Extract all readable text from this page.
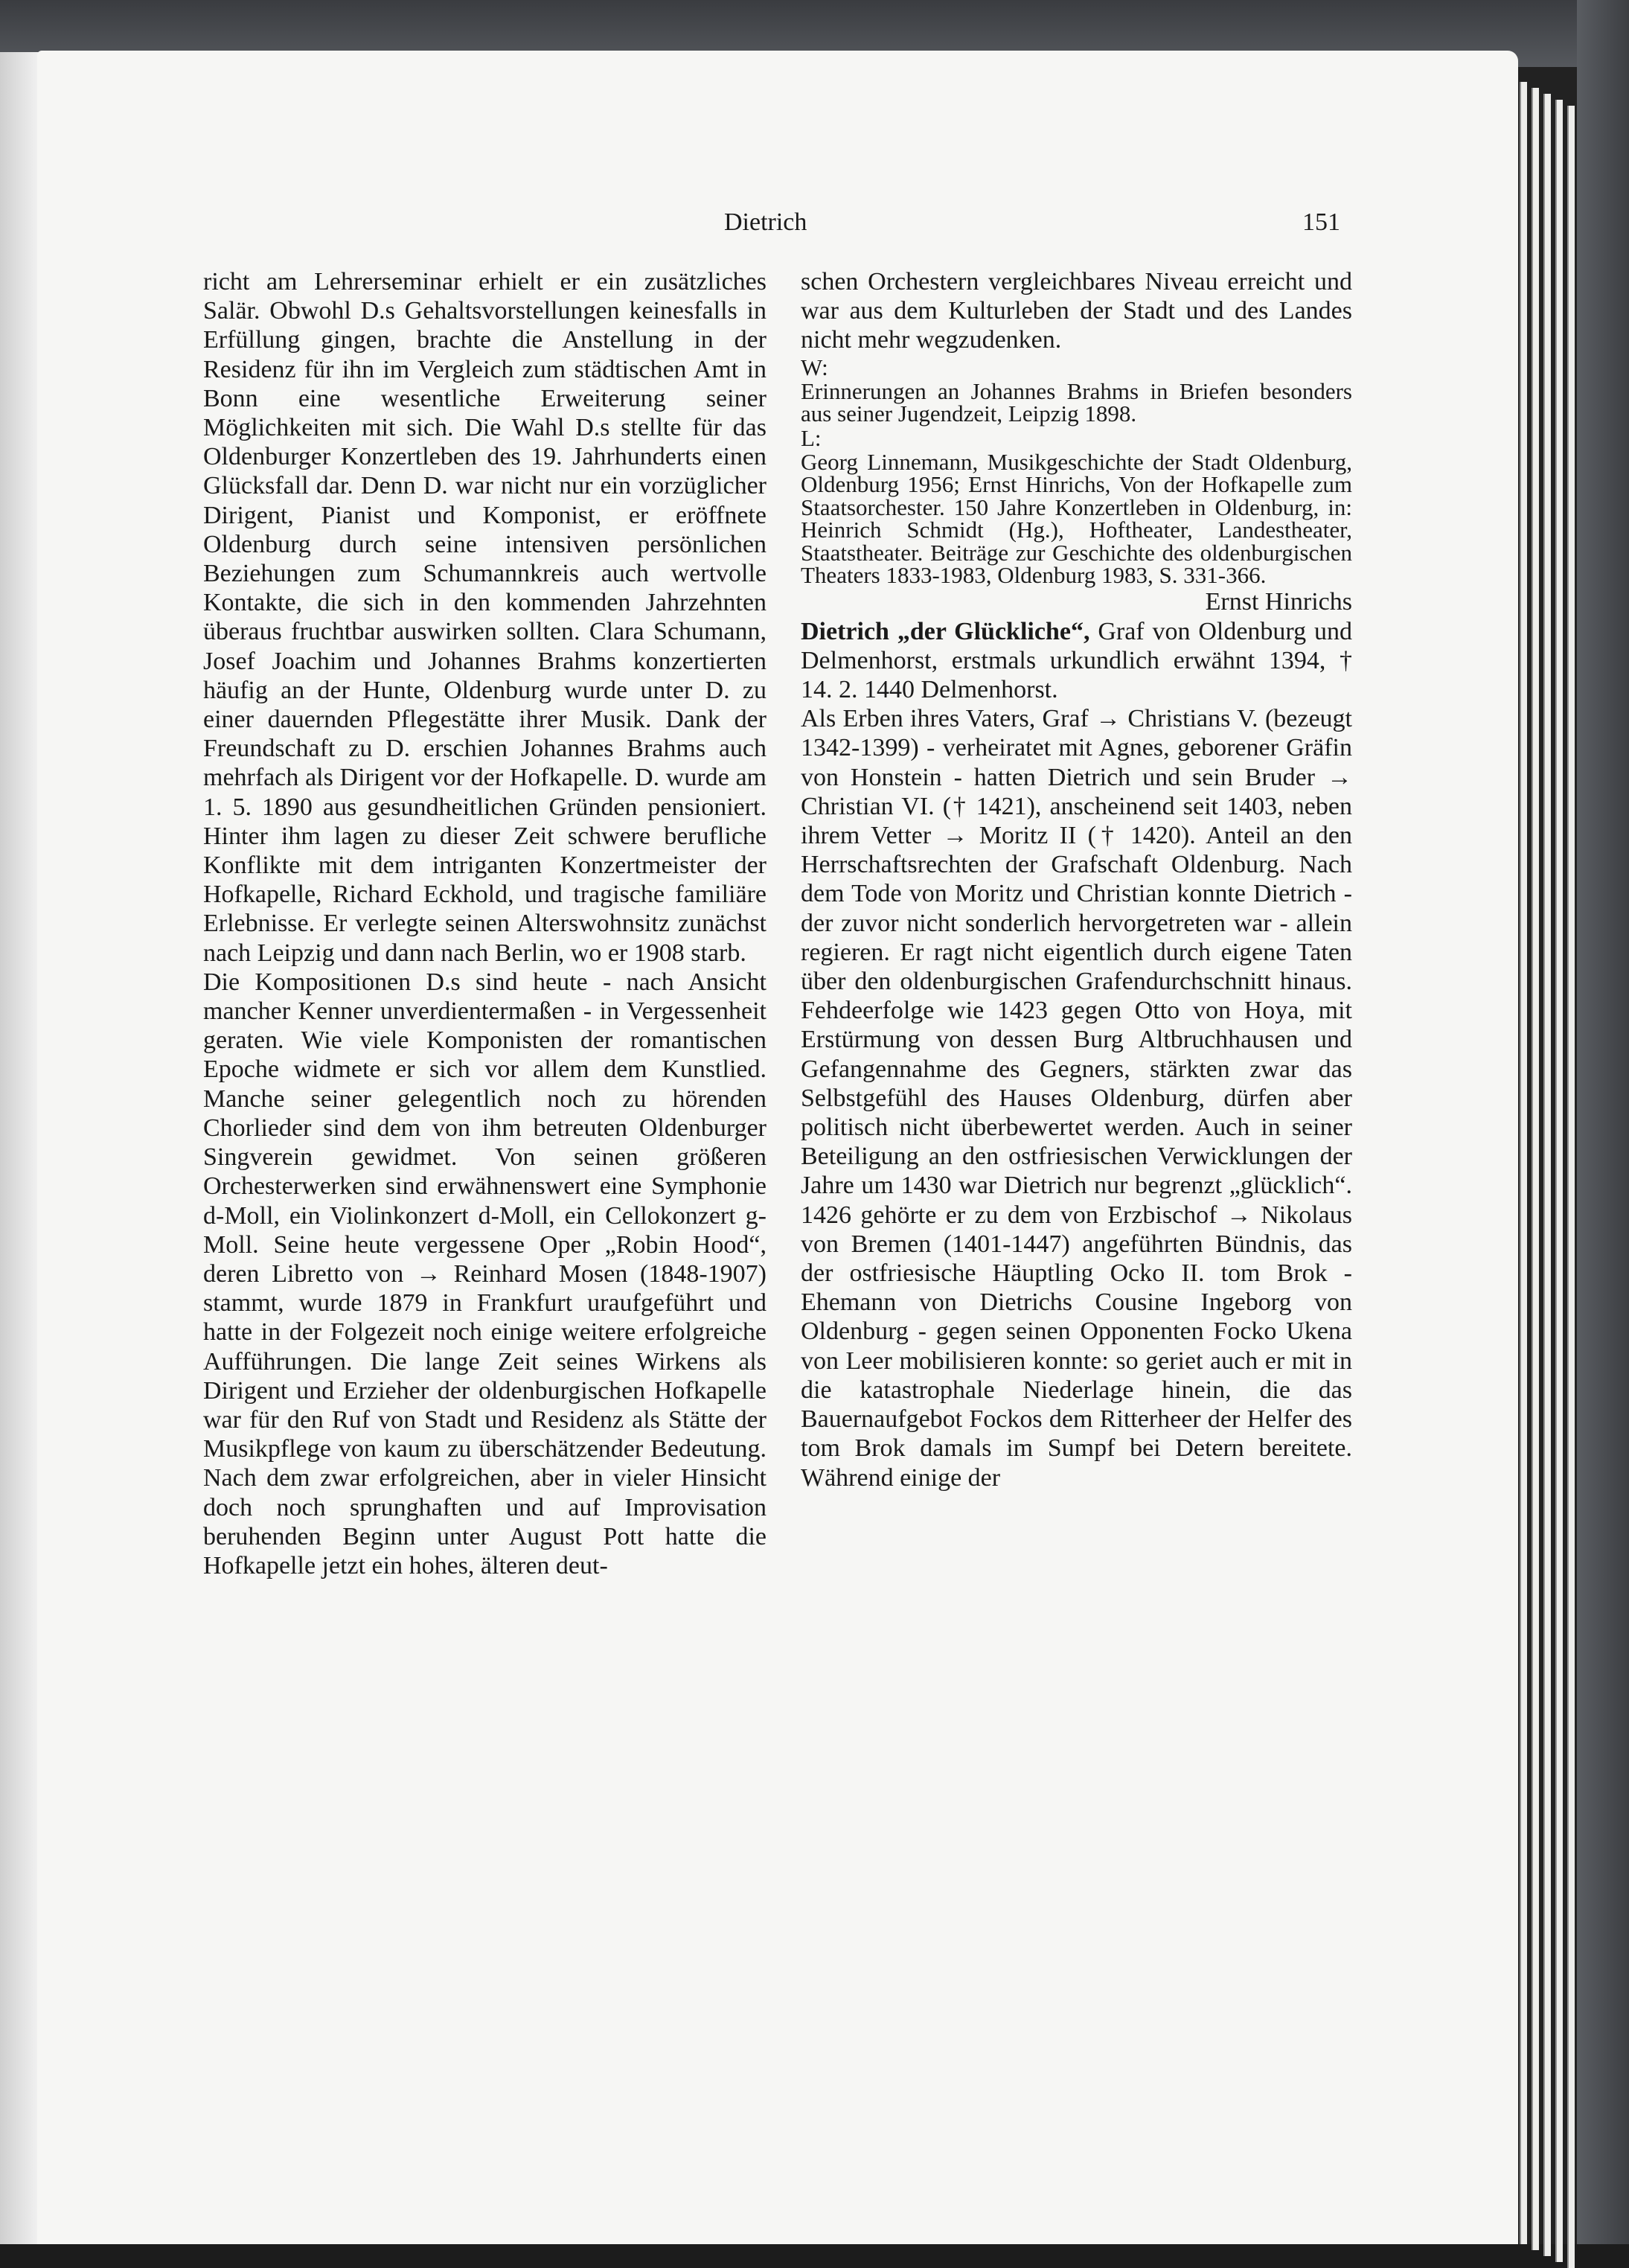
Dietrich	151

richt am Lehrerseminar erhielt er ein zusätzliches Salär. Obwohl D.s Gehaltsvorstellungen keinesfalls in Erfüllung gingen, brachte die Anstellung in der Residenz für ihn im Vergleich zum städtischen Amt in Bonn eine wesentliche Erweiterung seiner Möglichkeiten mit sich. Die Wahl D.s stellte für das Oldenburger Konzertleben des 19. Jahrhunderts einen Glücksfall dar. Denn D. war nicht nur ein vorzüglicher Dirigent, Pianist und Komponist, er eröffnete Oldenburg durch seine intensiven persönlichen Beziehungen zum Schumannkreis auch wertvolle Kontakte, die sich in den kommenden Jahrzehnten überaus fruchtbar auswirken sollten. Clara Schumann, Josef Joachim und Johannes Brahms konzertierten häufig an der Hunte, Oldenburg wurde unter D. zu einer dauernden Pflegestätte ihrer Musik. Dank der Freundschaft zu D. erschien Johannes Brahms auch mehrfach als Dirigent vor der Hofkapelle. D. wurde am 1. 5. 1890 aus gesundheitlichen Gründen pensioniert. Hinter ihm lagen zu dieser Zeit schwere berufliche Konflikte mit dem intriganten Konzertmeister der Hofkapelle, Richard Eckhold, und tragische familiäre Erlebnisse. Er verlegte seinen Alterswohnsitz zunächst nach Leipzig und dann nach Berlin, wo er 1908 starb.

Die Kompositionen D.s sind heute - nach Ansicht mancher Kenner unverdientermaßen - in Vergessenheit geraten. Wie viele Komponisten der romantischen Epoche widmete er sich vor allem dem Kunstlied. Manche seiner gelegentlich noch zu hörenden Chorlieder sind dem von ihm betreuten Oldenburger Singverein gewidmet. Von seinen größeren Orchesterwerken sind erwähnenswert eine Symphonie d-Moll, ein Violinkonzert d-Moll, ein Cellokonzert g-Moll. Seine heute vergessene Oper „Robin Hood“, deren Libretto von → Reinhard Mosen (1848-1907) stammt, wurde 1879 in Frankfurt uraufgeführt und hatte in der Folgezeit noch einige weitere erfolgreiche Aufführungen. Die lange Zeit seines Wirkens als Dirigent und Erzieher der oldenburgischen Hofkapelle war für den Ruf von Stadt und Residenz als Stätte der Musikpflege von kaum zu überschätzender Bedeutung. Nach dem zwar erfolgreichen, aber in vieler Hinsicht doch noch sprunghaften und auf Improvisation beruhenden Beginn unter August Pott hatte die Hofkapelle jetzt ein hohes, älteren deut-

schen Orchestern vergleichbares Niveau erreicht und war aus dem Kulturleben der Stadt und des Landes nicht mehr wegzudenken.

W:

Erinnerungen an Johannes Brahms in Briefen besonders aus seiner Jugendzeit, Leipzig 1898.

L:

Georg Linnemann, Musikgeschichte der Stadt Oldenburg, Oldenburg 1956; Ernst Hinrichs, Von der Hofkapelle zum Staatsorchester. 150 Jahre Konzertleben in Oldenburg, in: Heinrich Schmidt (Hg.), Hoftheater, Landestheater, Staatstheater. Beiträge zur Geschichte des oldenburgischen Theaters 1833-1983, Oldenburg 1983, S. 331-366.

Ernst Hinrichs

Dietrich „der Glückliche“, Graf von Oldenburg und Delmenhorst, erstmals urkundlich erwähnt 1394, † 14. 2. 1440 Delmenhorst.

Als Erben ihres Vaters, Graf → Christians V. (bezeugt 1342-1399) - verheiratet mit Agnes, geborener Gräfin von Honstein - hatten Dietrich und sein Bruder → Christian VI. († 1421), anscheinend seit 1403, neben ihrem Vetter → Moritz II († 1420). Anteil an den Herrschaftsrechten der Grafschaft Oldenburg. Nach dem Tode von Moritz und Christian konnte Dietrich - der zuvor nicht sonderlich hervorgetreten war - allein regieren. Er ragt nicht eigentlich durch eigene Taten über den oldenburgischen Grafendurchschnitt hinaus. Fehdeerfolge wie 1423 gegen Otto von Hoya, mit Erstürmung von dessen Burg Altbruchhausen und Gefangennahme des Gegners, stärkten zwar das Selbstgefühl des Hauses Oldenburg, dürfen aber politisch nicht überbewertet werden. Auch in seiner Beteiligung an den ostfriesischen Verwicklungen der Jahre um 1430 war Dietrich nur begrenzt „glücklich“. 1426 gehörte er zu dem von Erzbischof → Nikolaus von Bremen (1401-1447) angeführten Bündnis, das der ostfriesische Häuptling Ocko II. tom Brok - Ehemann von Dietrichs Cousine Ingeborg von Oldenburg - gegen seinen Opponenten Focko Ukena von Leer mobilisieren konnte: so geriet auch er mit in die katastrophale Niederlage hinein, die das Bauernaufgebot Fockos dem Ritterheer der Helfer des tom Brok damals im Sumpf bei Detern bereitete. Während einige der
